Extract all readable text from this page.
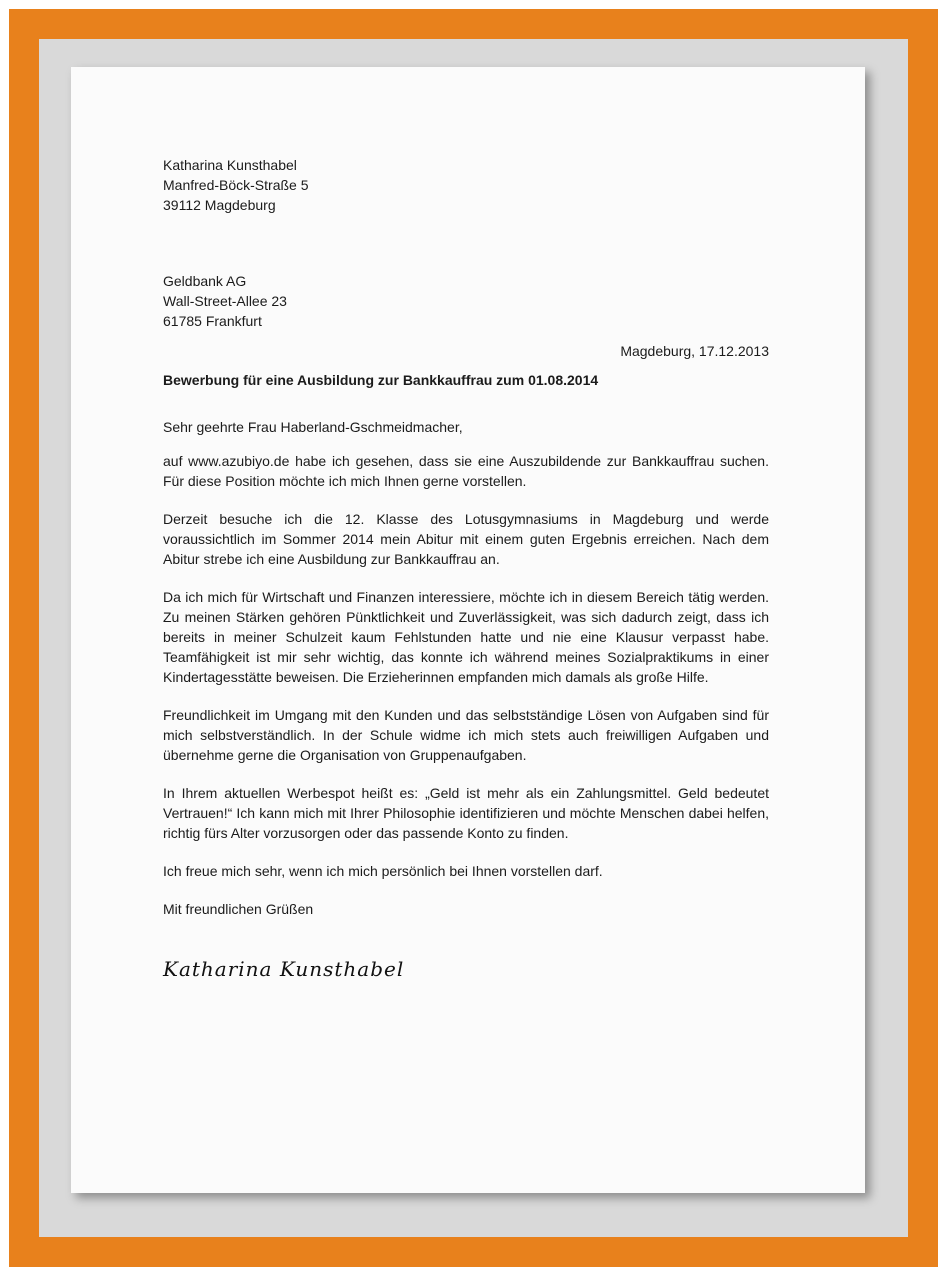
Katharina Kunsthabel
Manfred-Böck-Straße 5
39112 Magdeburg
Geldbank AG
Wall-Street-Allee 23
61785 Frankfurt
Magdeburg, 17.12.2013
Bewerbung für eine Ausbildung zur Bankkauffrau zum 01.08.2014
Sehr geehrte Frau Haberland-Gschmeidmacher,

auf www.azubiyo.de habe ich gesehen, dass sie eine Auszubildende zur Bankkauffrau suchen. Für diese Position möchte ich mich Ihnen gerne vorstellen.

Derzeit besuche ich die 12. Klasse des Lotusgymnasiums in Magdeburg und werde voraussichtlich im Sommer 2014 mein Abitur mit einem guten Ergebnis erreichen. Nach dem Abitur strebe ich eine Ausbildung zur Bankkauffrau an.

Da ich mich für Wirtschaft und Finanzen interessiere, möchte ich in diesem Bereich tätig werden. Zu meinen Stärken gehören Pünktlichkeit und Zuverlässigkeit, was sich dadurch zeigt, dass ich bereits in meiner Schulzeit kaum Fehlstunden hatte und nie eine Klausur verpasst habe. Teamfähigkeit ist mir sehr wichtig, das konnte ich während meines Sozialpraktikums in einer Kindertagesstätte beweisen. Die Erzieherinnen empfanden mich damals als große Hilfe.

Freundlichkeit im Umgang mit den Kunden und das selbstständige Lösen von Aufgaben sind für mich selbstverständlich. In der Schule widme ich mich stets auch freiwilligen Aufgaben und übernehme gerne die Organisation von Gruppenaufgaben.

In Ihrem aktuellen Werbespot heißt es: „Geld ist mehr als ein Zahlungsmittel. Geld bedeutet Vertrauen!“ Ich kann mich mit Ihrer Philosophie identifizieren und möchte Menschen dabei helfen, richtig fürs Alter vorzusorgen oder das passende Konto zu finden.

Ich freue mich sehr, wenn ich mich persönlich bei Ihnen vorstellen darf.

Mit freundlichen Grüßen
Katharina Kunsthabel
